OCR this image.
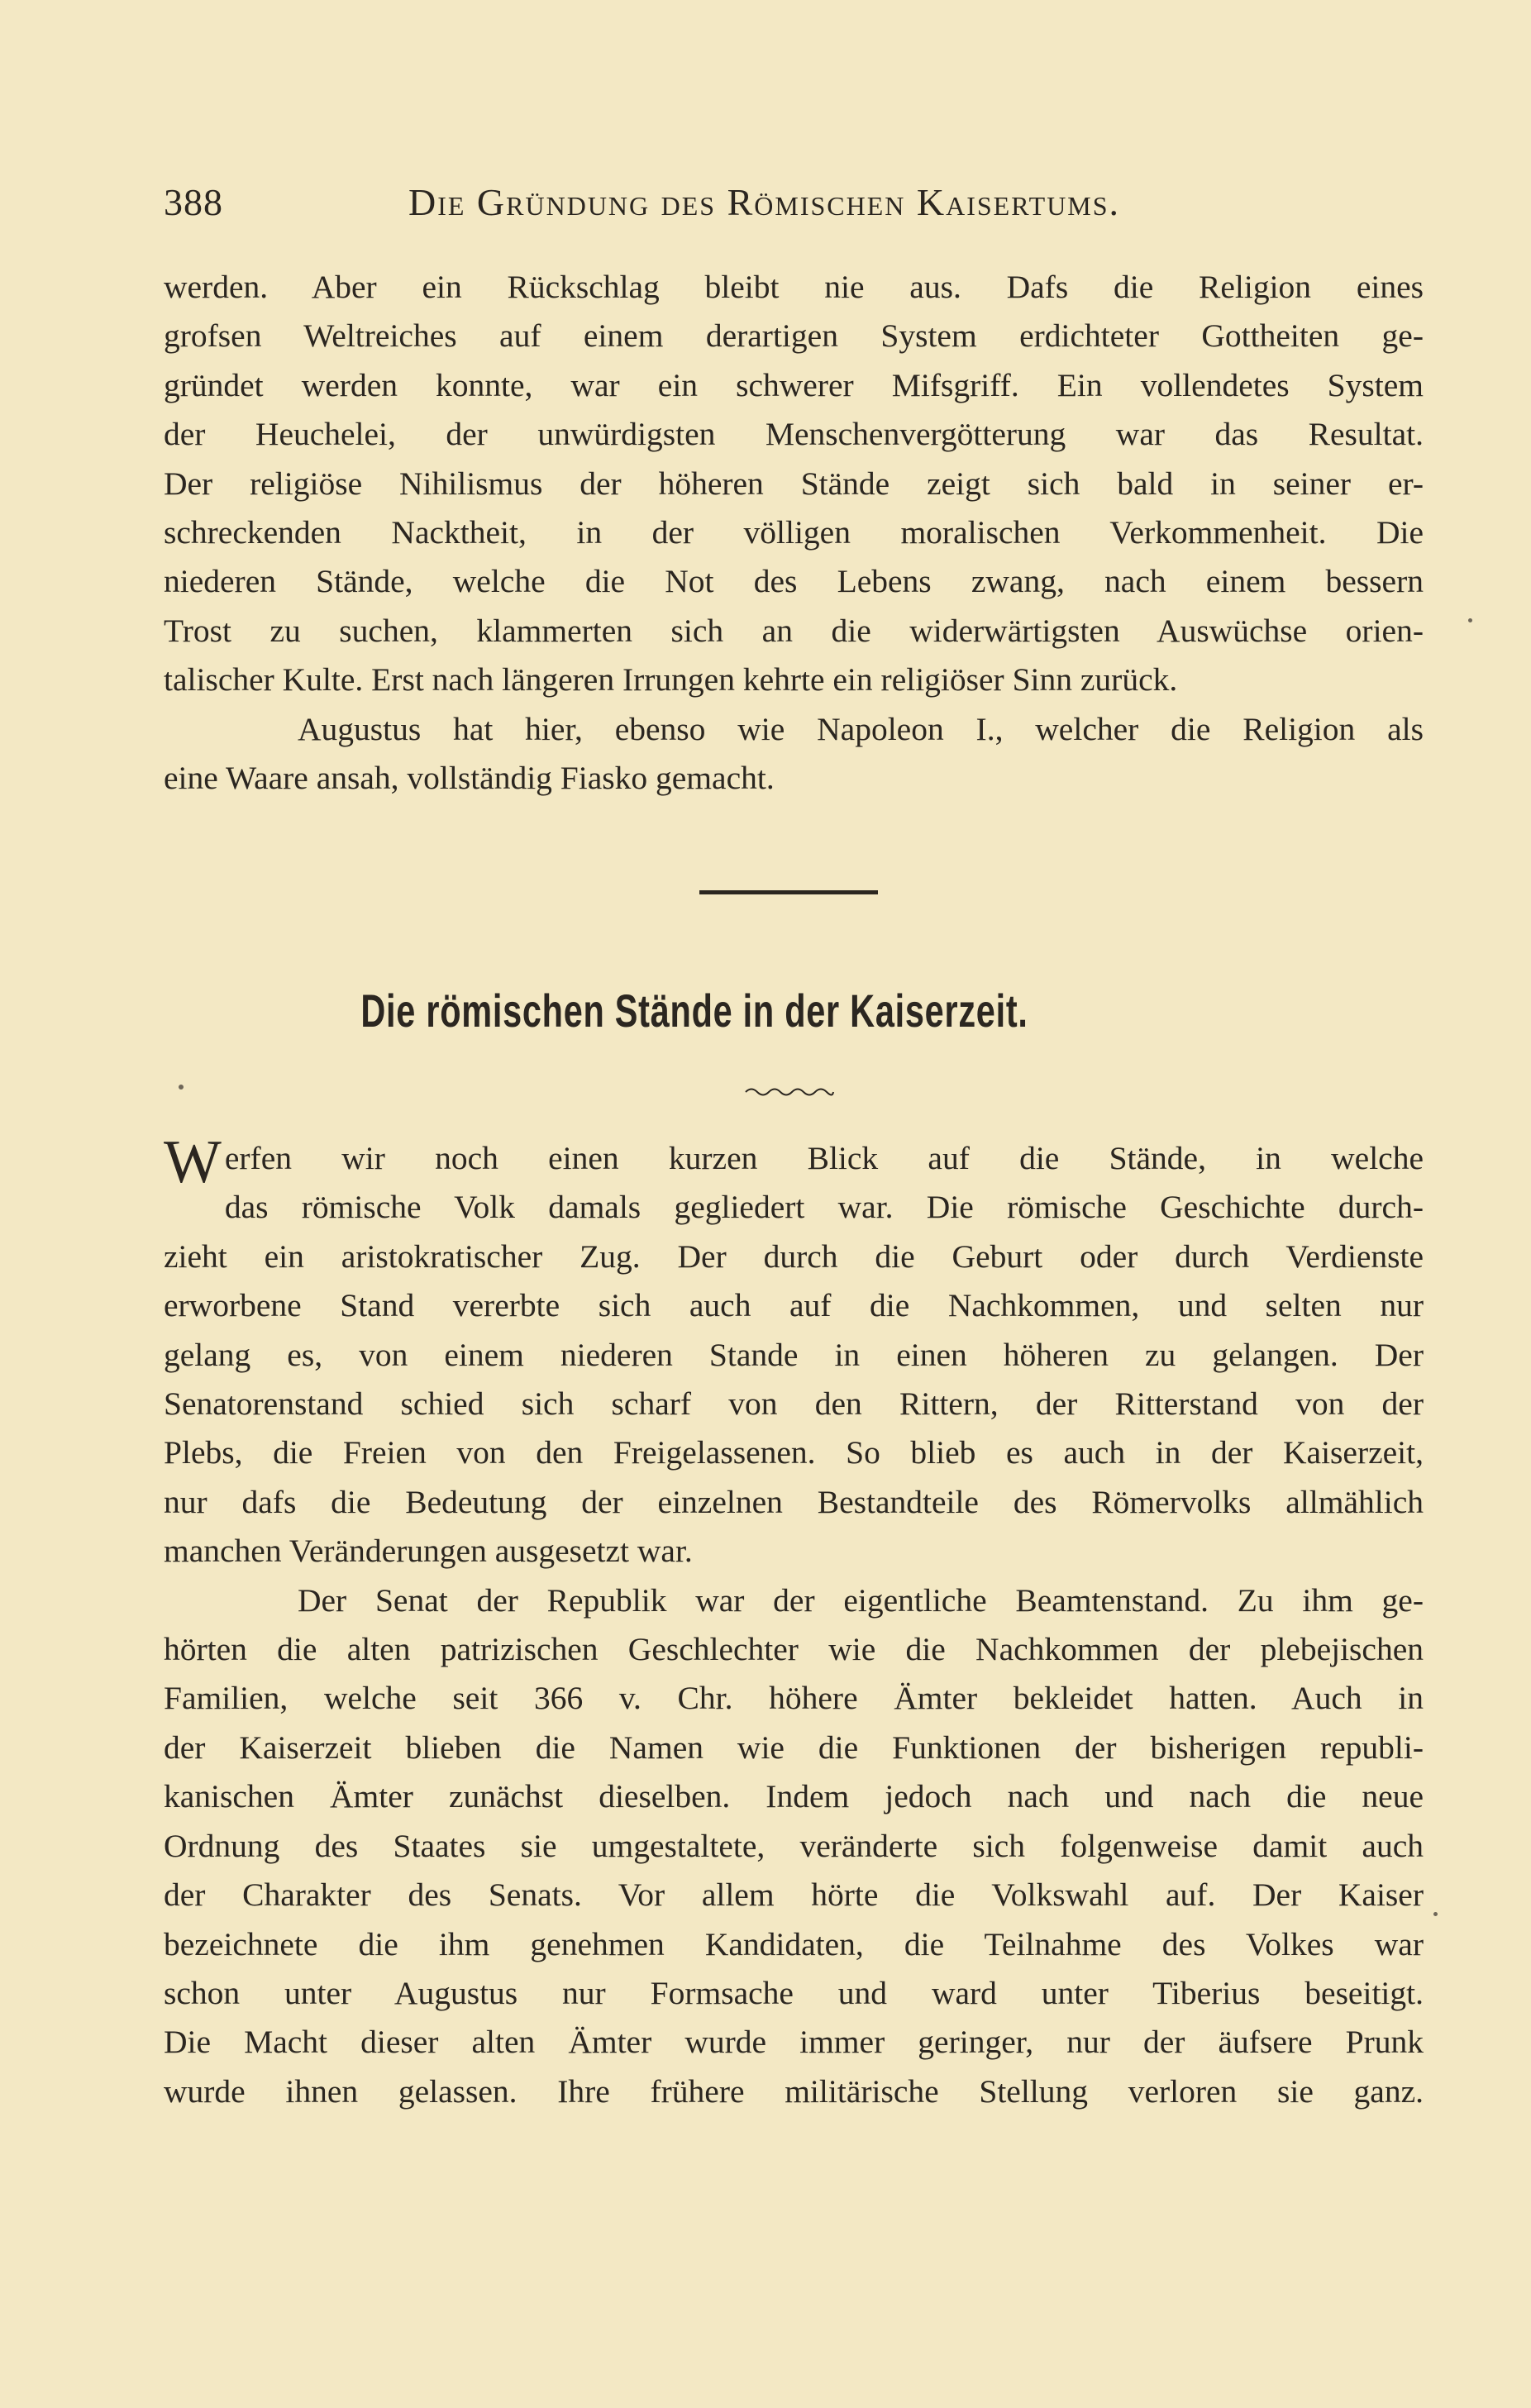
388	Die Gründung des Römischen Kaisertums.

werden. Aber ein Rückschlag bleibt nie aus. Dafs die Religion eines

grofsen Weltreiches auf einem derartigen System erdichteter Gottheiten ge-

gründet werden konnte, war ein schwerer Mifsgriff. Ein vollendetes System

der Heuchelei, der unwürdigsten Menschenvergötterung war das Resultat.

Der religiöse Nihilismus der höheren Stände zeigt sich bald in seiner er-

schreckenden Nacktheit, in der völligen moralischen Verkommenheit. Die

niederen Stände, welche die Not des Lebens zwang, nach einem bessern

Trost zu suchen, klammerten sich an die widerwärtigsten Auswüchse orien-

talischer Kulte. Erst nach längeren Irrungen kehrte ein religiöser Sinn zurück.

Augustus hat hier, ebenso wie Napoleon I., welcher die Religion als

eine Waare ansah, vollständig Fiasko gemacht.

Die römischen Stände in der Kaiserzeit.

Werfen wir noch einen kurzen Blick auf die Stände, in welche

das römische Volk damals gegliedert war. Die römische Geschichte durch-

zieht ein aristokratischer Zug. Der durch die Geburt oder durch Verdienste

erworbene Stand vererbte sich auch auf die Nachkommen, und selten nur

gelang es, von einem niederen Stande in einen höheren zu gelangen. Der

Senatorenstand schied sich scharf von den Rittern, der Ritterstand von der

Plebs, die Freien von den Freigelassenen. So blieb es auch in der Kaiserzeit,

nur dafs die Bedeutung der einzelnen Bestandteile des Römervolks allmählich

manchen Veränderungen ausgesetzt war.

Der Senat der Republik war der eigentliche Beamtenstand. Zu ihm ge-

hörten die alten patrizischen Geschlechter wie die Nachkommen der plebejischen

Familien, welche seit 366 v. Chr. höhere Ämter bekleidet hatten. Auch in

der Kaiserzeit blieben die Namen wie die Funktionen der bisherigen republi-

kanischen Ämter zunächst dieselben. Indem jedoch nach und nach die neue

Ordnung des Staates sie umgestaltete, veränderte sich folgenweise damit auch

der Charakter des Senats. Vor allem hörte die Volkswahl auf. Der Kaiser

bezeichnete die ihm genehmen Kandidaten, die Teilnahme des Volkes war

schon unter Augustus nur Formsache und ward unter Tiberius beseitigt.

Die Macht dieser alten Ämter wurde immer geringer, nur der äufsere Prunk

wurde ihnen gelassen. Ihre frühere militärische Stellung verloren sie ganz.
